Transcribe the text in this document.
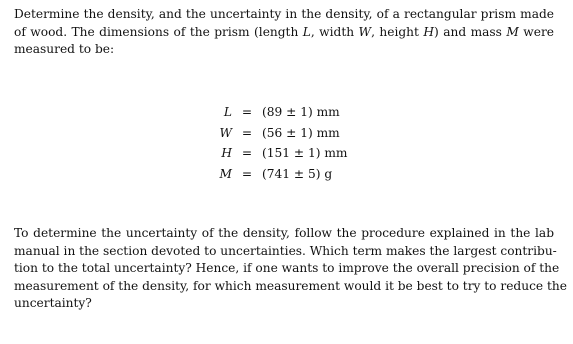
Determine the density, and the uncertainty in the density, of a rectangular prism made
of wood. The dimensions of the prism (length L, width W, height H) and mass M were
measured to be:
L = (89 ± 1) mm
W = (56 ± 1) mm
H = (151 ± 1) mm
M = (741 ± 5) g
To determine the uncertainty of the density, follow the procedure explained in the lab
manual in the section devoted to uncertainties. Which term makes the largest contribu-
tion to the total uncertainty? Hence, if one wants to improve the overall precision of the
measurement of the density, for which measurement would it be best to try to reduce the
uncertainty?
